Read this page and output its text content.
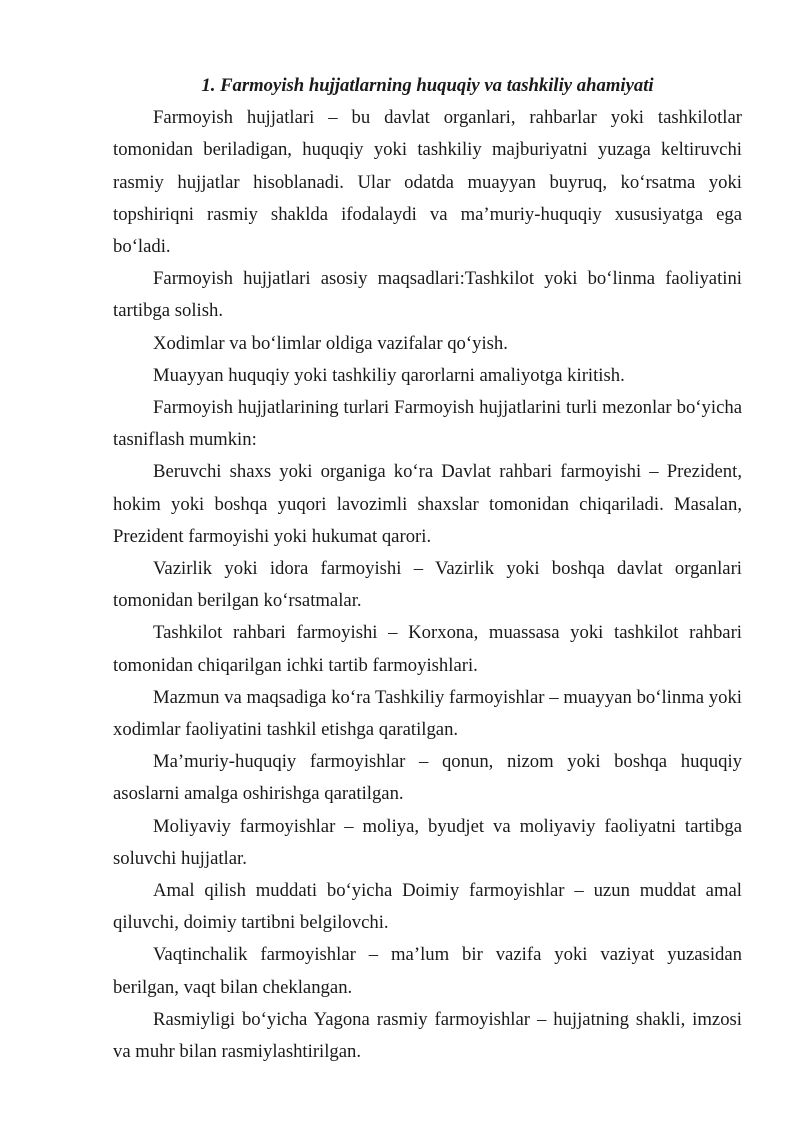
1. Farmoyish hujjatlarning huquqiy va tashkiliy ahamiyati

Farmoyish hujjatlari – bu davlat organlari, rahbarlar yoki tashkilotlar tomonidan beriladigan, huquqiy yoki tashkiliy majburiyatni yuzaga keltiruvchi rasmiy hujjatlar hisoblanadi. Ular odatda muayyan buyruq, ko‘rsatma yoki topshiriqni rasmiy shaklda ifodalaydi va ma’muriy-huquqiy xususiyatga ega bo‘ladi.

Farmoyish hujjatlari asosiy maqsadlari:Tashkilot yoki bo‘linma faoliyatini tartibga solish.

Xodimlar va bo‘limlar oldiga vazifalar qo‘yish.

Muayyan huquqiy yoki tashkiliy qarorlarni amaliyotga kiritish.

Farmoyish hujjatlarining turlari Farmoyish hujjatlarini turli mezonlar bo‘yicha tasniflash mumkin:

Beruvchi shaxs yoki organiga ko‘ra Davlat rahbari farmoyishi – Prezident, hokim yoki boshqa yuqori lavozimli shaxslar tomonidan chiqariladi. Masalan, Prezident farmoyishi yoki hukumat qarori.

Vazirlik yoki idora farmoyishi – Vazirlik yoki boshqa davlat organlari tomonidan berilgan ko‘rsatmalar.

Tashkilot rahbari farmoyishi – Korxona, muassasa yoki tashkilot rahbari tomonidan chiqarilgan ichki tartib farmoyishlari.

Mazmun va maqsadiga ko‘ra Tashkiliy farmoyishlar – muayyan bo‘linma yoki xodimlar faoliyatini tashkil etishga qaratilgan.

Ma’muriy-huquqiy farmoyishlar – qonun, nizom yoki boshqa huquqiy asoslarni amalga oshirishga qaratilgan.

Moliyaviy farmoyishlar – moliya, byudjet va moliyaviy faoliyatni tartibga soluvchi hujjatlar.

Amal qilish muddati bo‘yicha Doimiy farmoyishlar – uzun muddat amal qiluvchi, doimiy tartibni belgilovchi.

Vaqtinchalik farmoyishlar – ma’lum bir vazifa yoki vaziyat yuzasidan berilgan, vaqt bilan cheklangan.

Rasmiyligi bo‘yicha Yagona rasmiy farmoyishlar – hujjatning shakli, imzosi va muhr bilan rasmiylashtirilgan.
